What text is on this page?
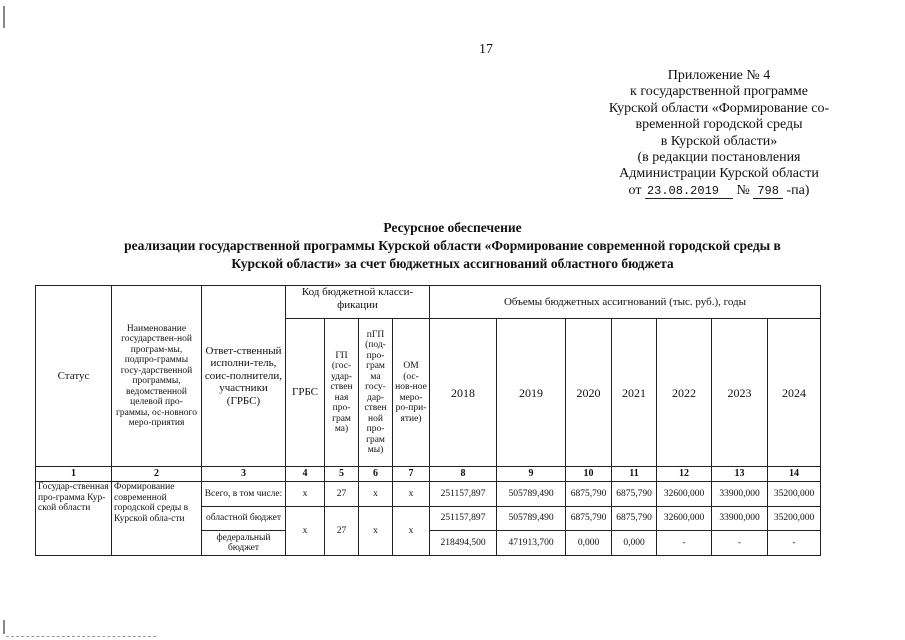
17
Приложение № 4
к государственной программе
Курской области «Формирование со-
временной городской среды
в Курской области»
(в редакции постановления
Администрации Курской области
от 23.08.2019 № 798 -па)
Ресурсное обеспечение
реализации государственной программы Курской области «Формирование современной городской среды в
Курской области» за счет бюджетных ассигнований областного бюджета
Статус	Наименование государствен-ной програм-мы, подпро-граммы госу-дарственной программы, ведомственной целевой про-граммы, ос-новного меро-приятия	Ответ-ственный исполни-тель, соис-полнители, участники (ГРБС)	Код бюджетной класси-фикации				Объемы бюджетных ассигнований (тыс. руб.), годы						
			ГРБС	ГП (гос-удар-ствен ная про-грам ма)	пГП (под-про-грам ма госу-дар-ствен ной про-грам мы)	ОМ (ос-нов-ное меро-ро-при-ятие)	2018	2019	2020	2021	2022	2023	2024
1	2	3	4	5	6	7	8	9	10	11	12	13	14
Государ-ственная про-грамма Кур-ской области	Формирование современной городской среды в Курской обла-сти	Всего, в том числе:	х	27	х	х	251157,897	505789,490	6875,790	6875,790	32600,000	33900,000	35200,000
		областной бюджет	х	27	х	х	251157,897	505789,490	6875,790	6875,790	32600,000	33900,000	35200,000
		федеральный бюджет					218494,500	471913,700	0,000	0,000	-	-	-
